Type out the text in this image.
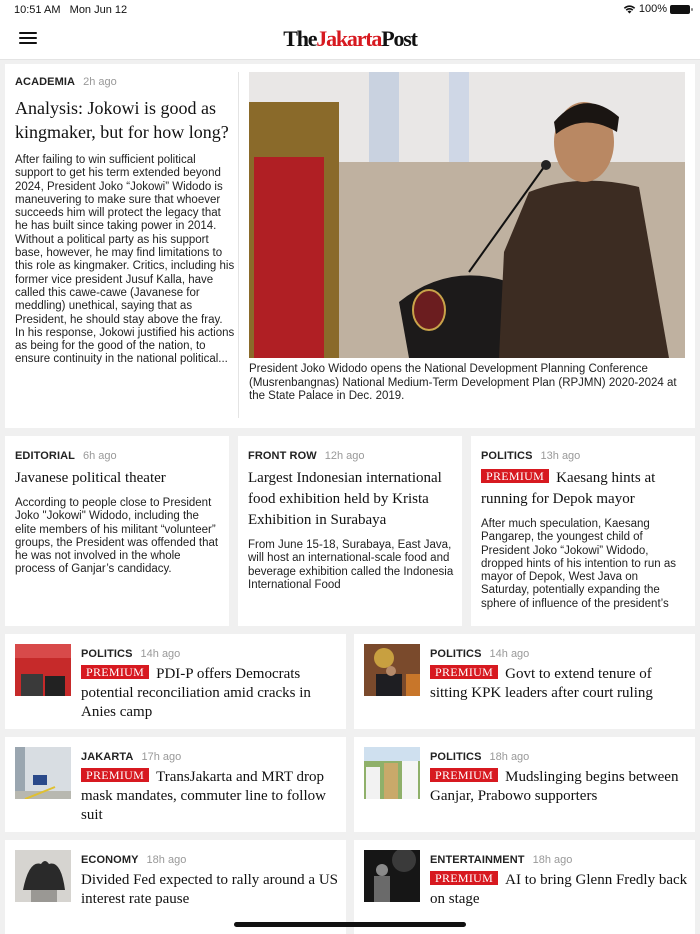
10:51 AM Mon Jun 12	100%
TheJakartaPost
ACADEMIA 2h ago
Analysis: Jokowi is good as kingmaker, but for how long?
After failing to win sufficient political support to get his term extended beyond 2024, President Joko “Jokowi” Widodo is maneuvering to make sure that whoever succeeds him will protect the legacy that he has built since taking power in 2014. Without a political party as his support base, however, he may find limitations to this role as kingmaker. Critics, including his former vice president Jusuf Kalla, have called this cawe-cawe (Javanese for meddling) unethical, saying that as President, he should stay above the fray. In his response, Jokowi justified his actions as being for the good of the nation, to ensure continuity in the national political...
President Joko Widodo opens the National Development Planning Conference (Musrenbangnas) National Medium-Term Development Plan (RPJMN) 2020-2024 at the State Palace in Dec. 2019.
EDITORIAL 6h ago
Javanese political theater
According to people close to President Joko "Jokowi" Widodo, including the elite members of his militant “volunteer” groups, the President was offended that he was not involved in the whole process of Ganjar’s candidacy.
FRONT ROW 12h ago
Largest Indonesian international food exhibition held by Krista Exhibition in Surabaya
From June 15-18, Surabaya, East Java, will host an international-scale food and beverage exhibition called the Indonesia International Food
POLITICS 13h ago
PREMIUM Kaesang hints at running for Depok mayor
After much speculation, Kaesang Pangarep, the youngest child of President Joko “Jokowi” Widodo, dropped hints of his intention to run as mayor of Depok, West Java on Saturday, potentially expanding the sphere of influence of the president’s
POLITICS 14h ago
PREMIUM PDI-P offers Democrats potential reconciliation amid cracks in Anies camp
POLITICS 14h ago
PREMIUM Govt to extend tenure of sitting KPK leaders after court ruling
JAKARTA 17h ago
PREMIUM TransJakarta and MRT drop mask mandates, commuter line to follow suit
POLITICS 18h ago
PREMIUM Mudslinging begins between Ganjar, Prabowo supporters
ECONOMY 18h ago
Divided Fed expected to rally around a US interest rate pause
ENTERTAINMENT 18h ago
PREMIUM AI to bring Glenn Fredly back on stage
